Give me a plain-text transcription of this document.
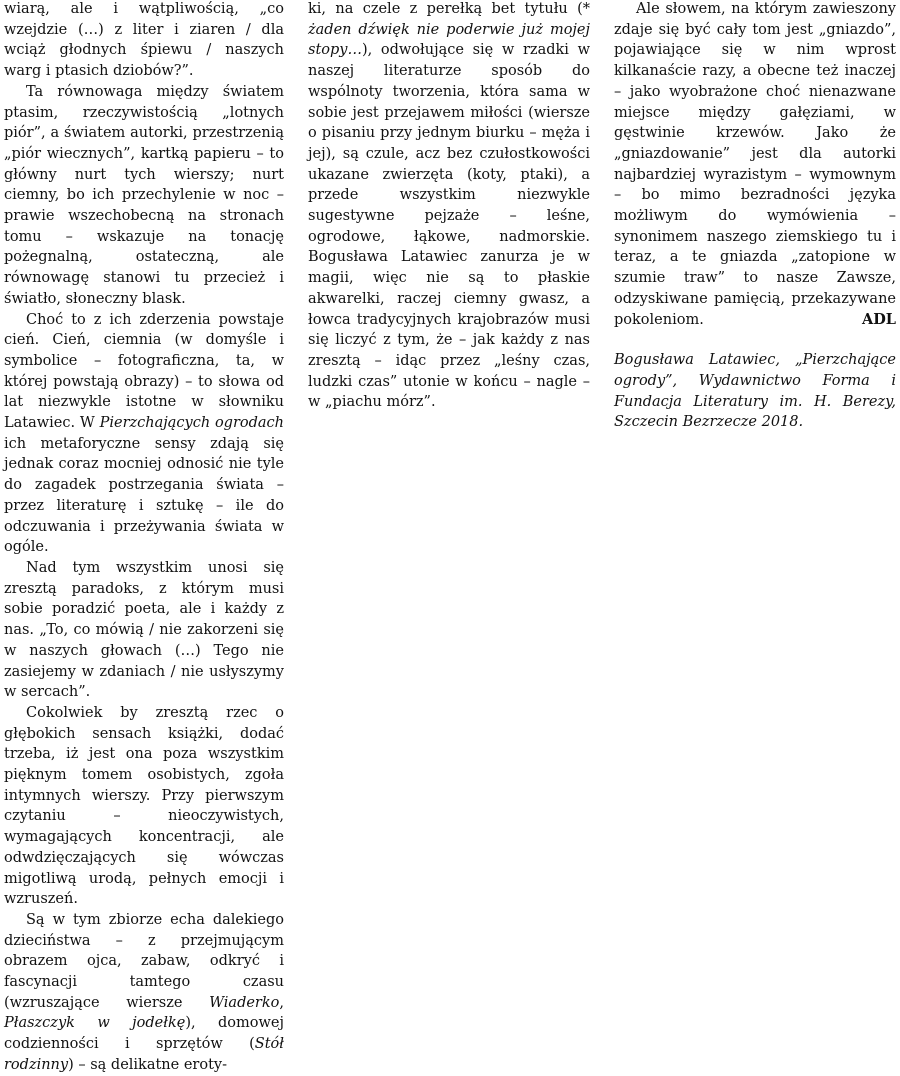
wiarą, ale i wątpliwością, „co wzejdzie (…) z liter i ziaren / dla wciąż głodnych śpiewu / naszych warg i ptasich dziobów?”.

Ta równowaga między światem ptasim, rzeczywistością „lotnych piór”, a światem autorki, przestrzenią „piór wiecznych”, kartką papieru – to główny nurt tych wierszy; nurt ciemny, bo ich przechylenie w noc – prawie wszechobecną na stronach tomu – wskazuje na tonację pożegnalną, ostateczną, ale równowagę stanowi tu przecież i światło, słoneczny blask.

Choć to z ich zderzenia powstaje cień. Cień, ciemnia (w domyśle i symbolice – fotograficzna, ta, w której powstają obrazy) – to słowa od lat niezwykle istotne w słowniku Latawiec. W Pierzchających ogrodach ich metaforyczne sensy zdają się jednak coraz mocniej odnosić nie tyle do zagadek postrzegania świata – przez literaturę i sztukę – ile do odczuwania i przeżywania świata w ogóle.

Nad tym wszystkim unosi się zresztą paradoks, z którym musi sobie poradzić poeta, ale i każdy z nas. „To, co mówią / nie zakorzeni się w naszych głowach (…) Tego nie zasiejemy w zdaniach / nie usłyszymy w sercach”.

Cokolwiek by zresztą rzec o głębokich sensach książki, dodać trzeba, iż jest ona poza wszystkim pięknym tomem osobistych, zgoła intymnych wierszy. Przy pierwszym czytaniu – nieoczywistych, wymagających koncentracji, ale odwdzięczających się wówczas migotliwą urodą, pełnych emocji i wzruszeń.

Są w tym zbiorze echa dalekiego dzieciństwa – z przejmującym obrazem ojca, zabaw, odkryć i fascynacji tamtego czasu (wzruszające wiersze Wiaderko, Płaszczyk w jodełkę), domowej codzienności i sprzętów (Stół rodzinny) – są delikatne eroty-

ki, na czele z perełką bet tytułu (* żaden dźwięk nie poderwie już mojej stopy…), odwołujące się w rzadki w naszej literaturze sposób do wspólnoty tworzenia, która sama w sobie jest przejawem miłości (wiersze o pisaniu przy jednym biurku – męża i jej), są czule, acz bez czułostkowości ukazane zwierzęta (koty, ptaki), a przede wszystkim niezwykle sugestywne pejzaże – leśne, ogrodowe, łąkowe, nadmorskie. Bogusława Latawiec zanurza je w magii, więc nie są to płaskie akwarelki, raczej ciemny gwasz, a łowca tradycyjnych krajobrazów musi się liczyć z tym, że – jak każdy z nas zresztą – idąc przez „leśny czas, ludzki czas” utonie w końcu – nagle – w „piachu mórz”.

Ale słowem, na którym zawieszony zdaje się być cały tom jest „gniazdo”, pojawiające się w nim wprost kilkanaście razy, a obecne też inaczej – jako wyobrażone choć nienazwane miejsce między gałęziami, w gęstwinie krzewów. Jako że „gniazdowanie” jest dla autorki najbardziej wyrazistym – wymownym – bo mimo bezradności języka możliwym do wymówienia – synonimem naszego ziemskiego tu i teraz, a te gniazda „zatopione w szumie traw” to nasze Zawsze, odzyskiwane pamięcią, przekazywane pokoleniom.	ADL

Bogusława Latawiec, „Pierzchające ogrody”, Wydawnictwo Forma i Fundacja Literatury im. H. Berezy, Szczecin Bezrzecze 2018.
